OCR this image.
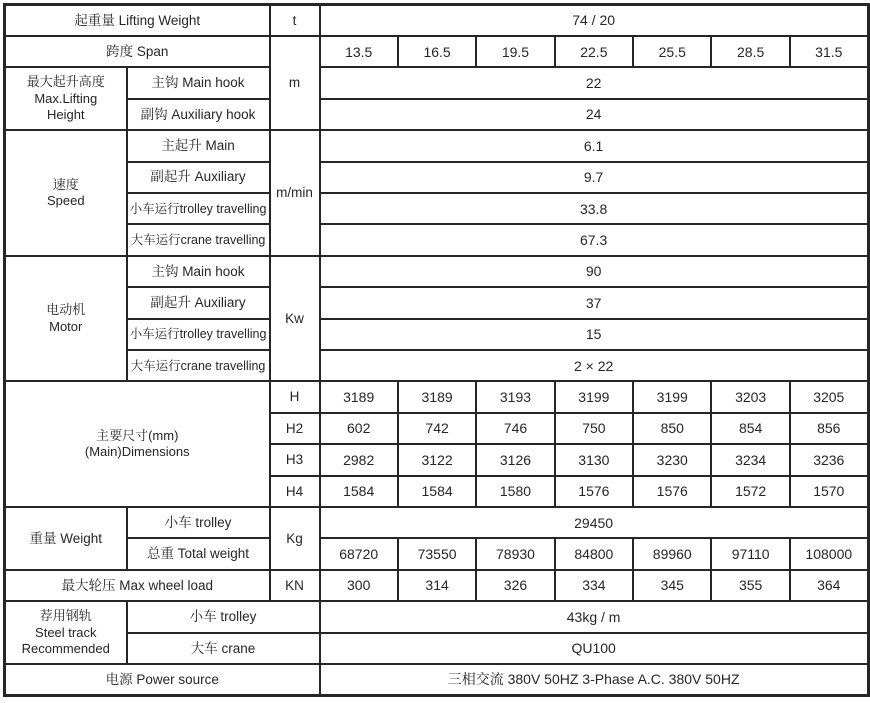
起重量 Lifting Weight		t	74 / 20						
跨度 Span		m	13.5	16.5	19.5	22.5	25.5	28.5	31.5

最大起升高度
Max.Lifting
Height	主钩 Main hook		22						
	副钩 Auxiliary hook		24						

速度
Speed	主起升 Main	m/min	6.1						
	副起升 Auxiliary		9.7						
	小车运行trolley travelling		33.8						
	大车运行crane travelling		67.3						

电动机
Motor	主钩 Main hook	Kw	90						
	副起升 Auxiliary		37						
	小车运行trolley travelling		15						
	大车运行crane travelling		2 × 22						

主要尺寸(mm)
(Main)Dimensions		H	3189	3189	3193	3199	3199	3203	3205
		H2	602	742	746	750	850	854	856
		H3	2982	3122	3126	3130	3230	3234	3236
		H4	1584	1584	1580	1576	1576	1572	1570
重量 Weight	小车 trolley	Kg	29450						
	总重 Total weight		68720	73550	78930	84800	89960	97110	108000
最大轮压 Max wheel load		KN	300	314	326	334	345	355	364

荐用钢轨
Steel track
Recommended	小车 trolley		43kg / m						
	大车 crane		QU100						
电源 Power source			三相交流 380V 50HZ 3-Phase A.C. 380V 50HZ						
